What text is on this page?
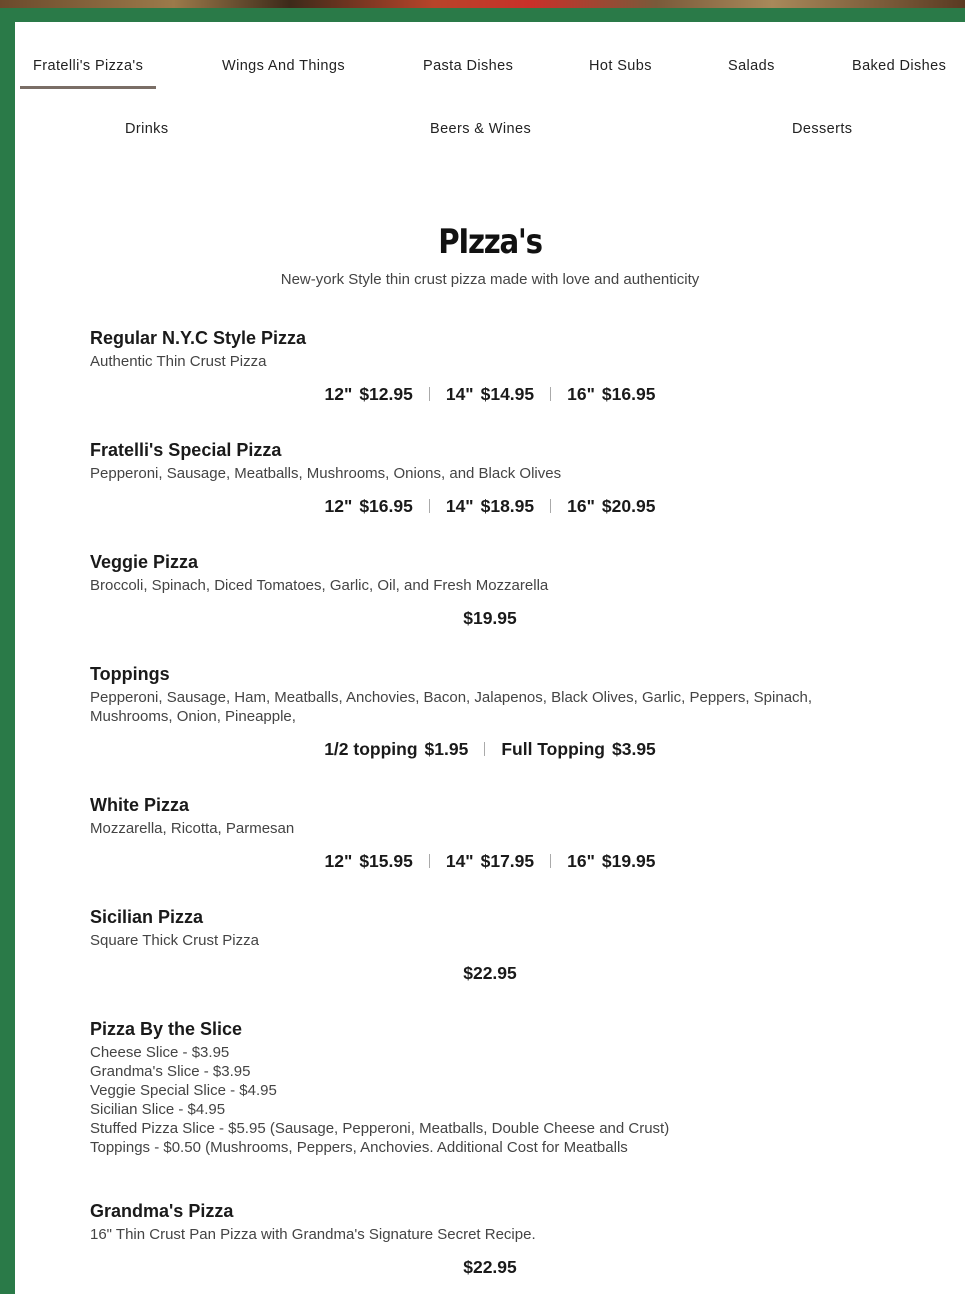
Fratelli's Pizza's	Wings And Things	Pasta Dishes	Hot Subs	Salads	Baked Dishes
Drinks	Beers & Wines	Desserts
PIzza's
New-york Style thin crust pizza made with love and authenticity
Regular N.Y.C Style Pizza
Authentic Thin Crust Pizza
12" $12.95 14" $14.95 16" $16.95
Fratelli's Special Pizza
Pepperoni, Sausage, Meatballs, Mushrooms, Onions, and Black Olives
12" $16.95 14" $18.95 16" $20.95
Veggie Pizza
Broccoli, Spinach, Diced Tomatoes, Garlic, Oil, and Fresh Mozzarella
$19.95
Toppings
Pepperoni, Sausage, Ham, Meatballs, Anchovies, Bacon, Jalapenos, Black Olives, Garlic, Peppers, Spinach, Mushrooms, Onion, Pineapple,
1/2 topping $1.95 Full Topping $3.95
White Pizza
Mozzarella, Ricotta, Parmesan
12" $15.95 14" $17.95 16" $19.95
Sicilian Pizza
Square Thick Crust Pizza
$22.95
Pizza By the Slice
Cheese Slice - $3.95
Grandma's Slice - $3.95
Veggie Special Slice - $4.95
Sicilian Slice - $4.95
Stuffed Pizza Slice - $5.95 (Sausage, Pepperoni, Meatballs, Double Cheese and Crust)
Toppings - $0.50 (Mushrooms, Peppers, Anchovies. Additional Cost for Meatballs
Grandma's Pizza
16" Thin Crust Pan Pizza with Grandma's Signature Secret Recipe.
$22.95
